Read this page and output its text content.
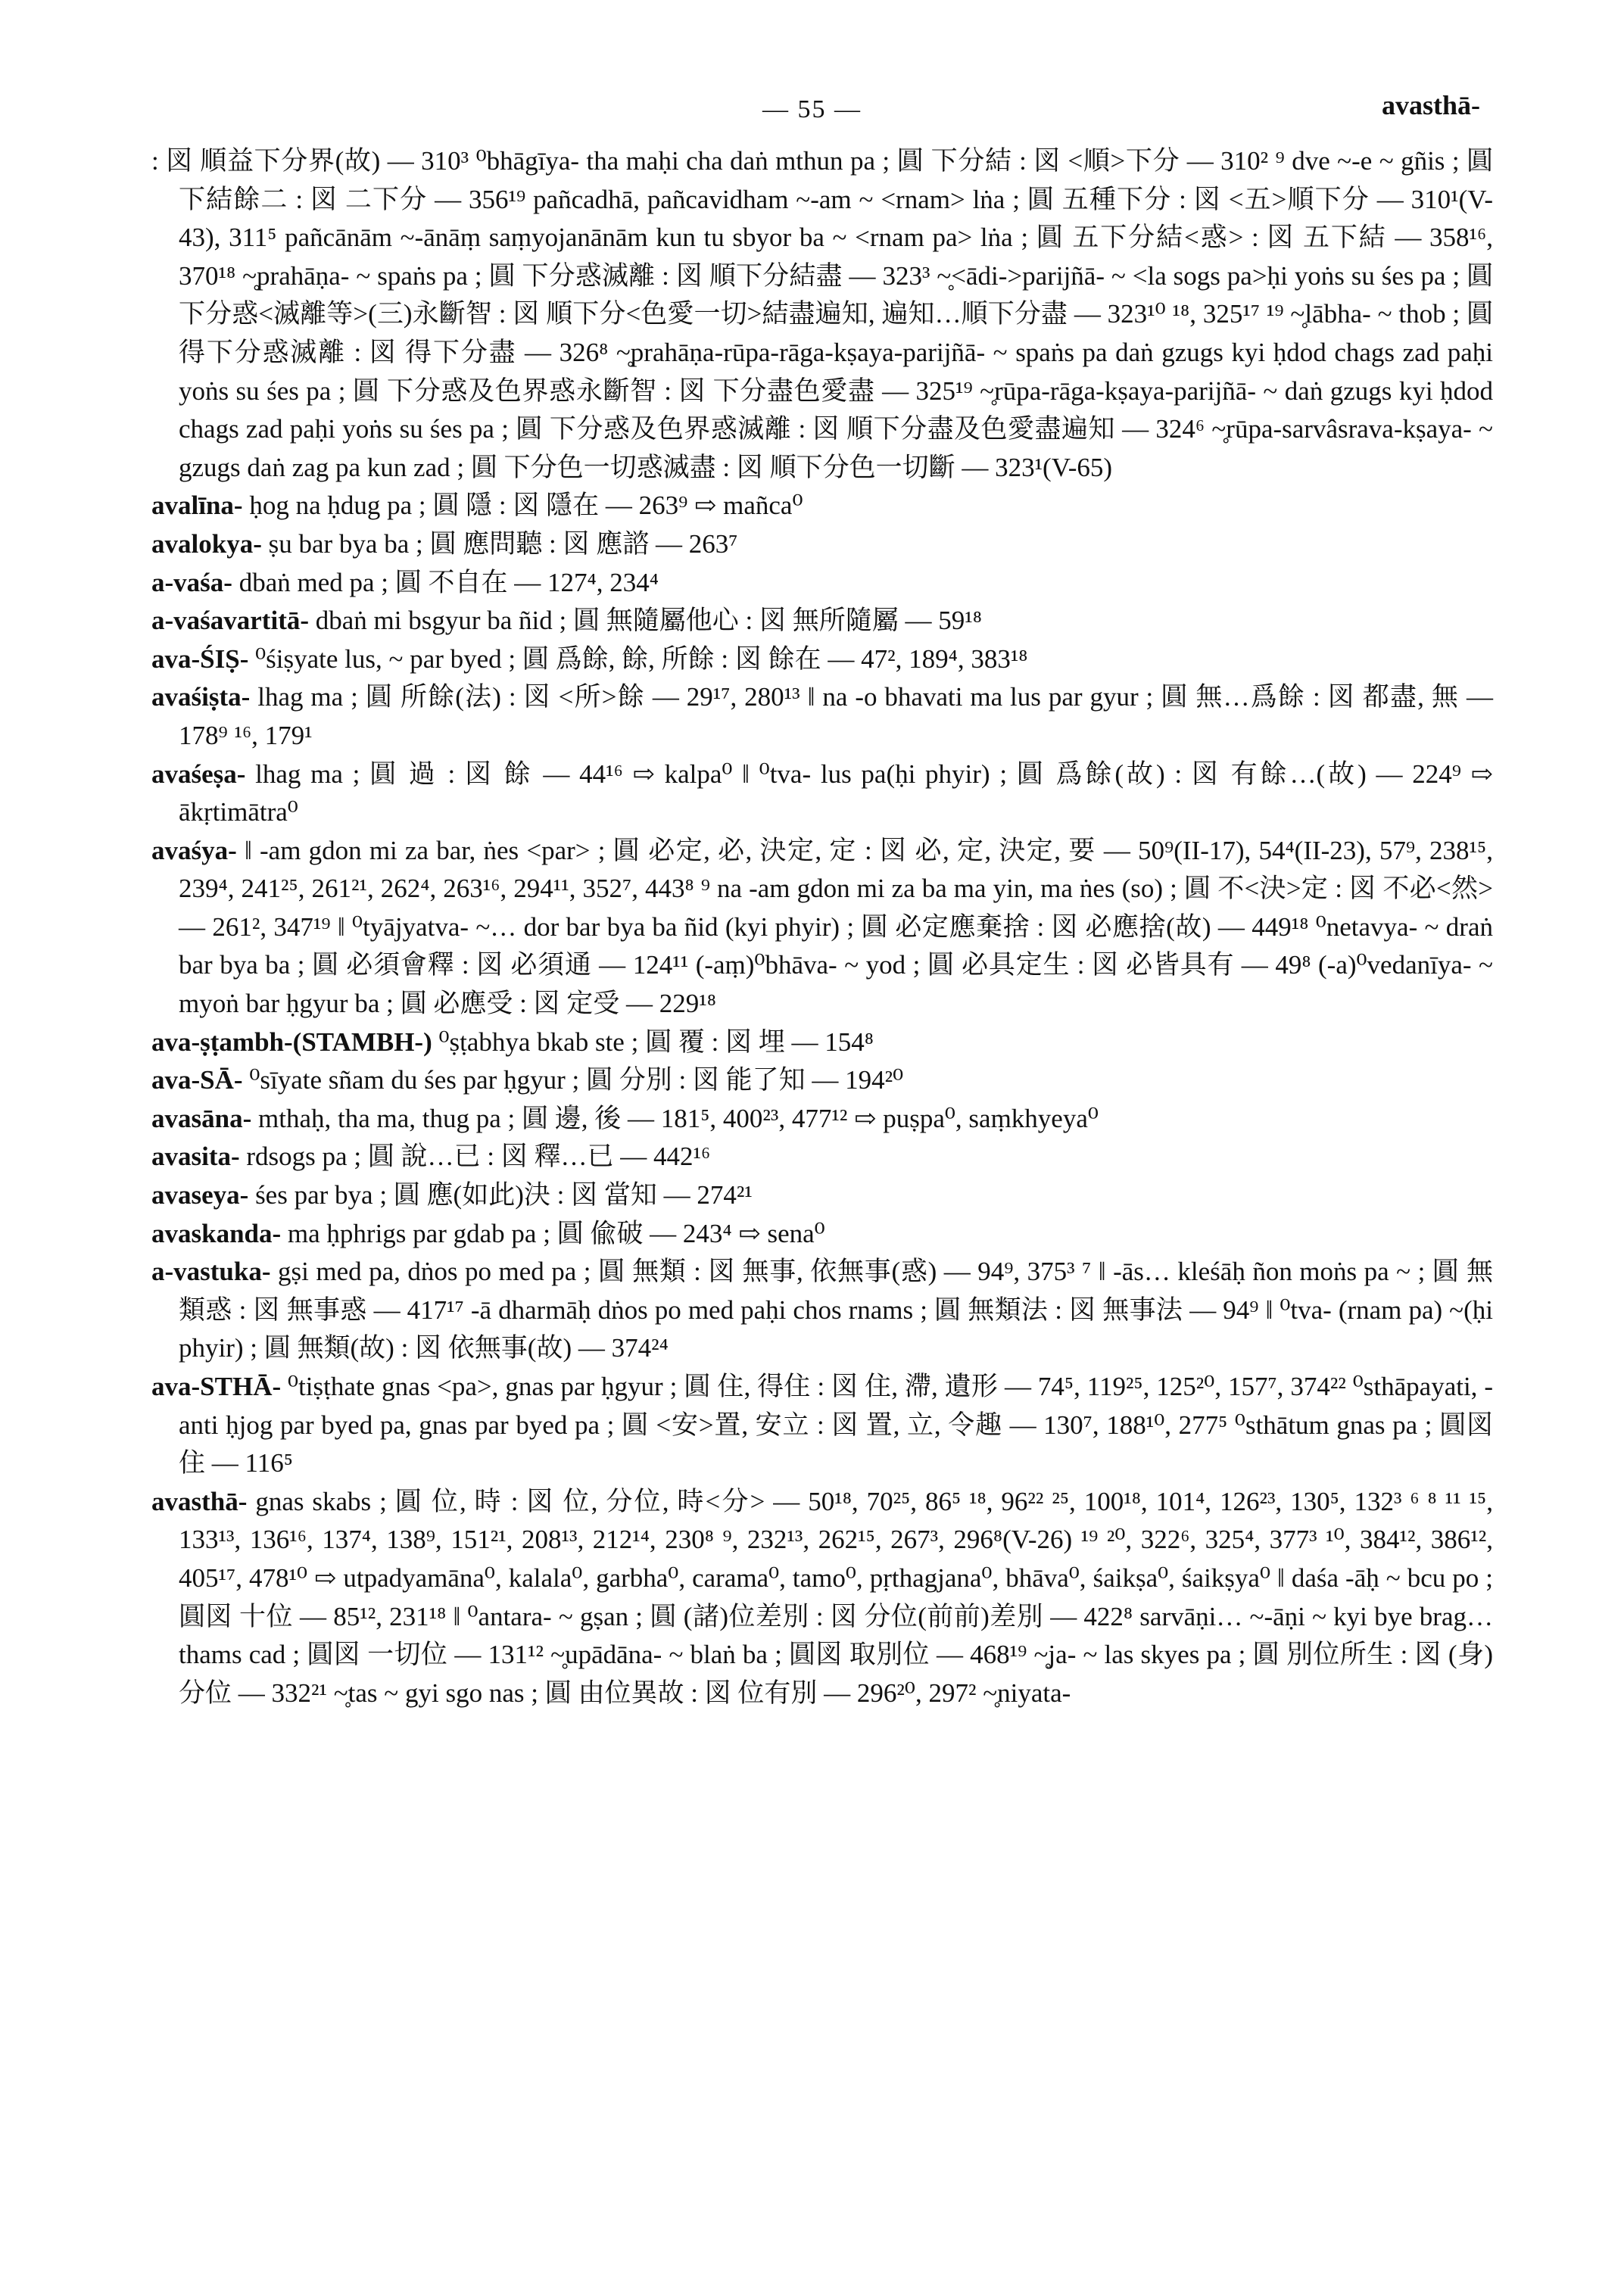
— 55 —	avasthā-

: 図 順益下分界(故) — 310³ ⁰bhāgīya- tha maḥi cha daṅ mthun pa ; 圓 下分結 : 図 <順>下分 — 310² ⁹ dve ~-e ~ gñis ; 圓 下結餘二 : 図 二下分 — 356¹⁹ pañcadhā, pañcavidham ~-am ~ <rnam> lṅa ; 圓 五種下分 : 図 <五>順下分 — 310¹(V-43), 311⁵ pañcānām ~-ānāṃ saṃyojanānām kun tu sbyor ba ~ <rnam pa> lṅa ; 圓 五下分結<惑> : 図 五下結 — 358¹⁶, 370¹⁸ ~̥prahāṇa- ~ spaṅs pa ; 圓 下分惑滅離 : 図 順下分結盡 — 323³ ~̥<ādi->parijñā- ~ <la sogs pa>ḥi yoṅs su śes pa ; 圓 下分惑<滅離等>(三)永斷智 : 図 順下分<色愛一切>結盡遍知, 遍知…順下分盡 — 323¹⁰ ¹⁸, 325¹⁷ ¹⁹ ~̥lābha- ~ thob ; 圓 得下分惑滅離 : 図 得下分盡 — 326⁸ ~̥prahāṇa-rūpa-rāga-kṣaya-parijñā- ~ spaṅs pa daṅ gzugs kyi ḥdod chags zad paḥi yoṅs su śes pa ; 圓 下分惑及色界惑永斷智 : 図 下分盡色愛盡 — 325¹⁹ ~̥rūpa-rāga-kṣaya-parijñā- ~ daṅ gzugs kyi ḥdod chags zad paḥi yoṅs su śes pa ; 圓 下分惑及色界惑滅離 : 図 順下分盡及色愛盡遍知 — 324⁶ ~̥rūpa-sarvâsrava-kṣaya- ~ gzugs daṅ zag pa kun zad ; 圓 下分色一切惑滅盡 : 図 順下分色一切斷 — 323¹(V-65)

avalīna- ḥog na ḥdug pa ; 圓 隱 : 図 隱在 — 263⁹ ⇨ mañca⁰

avalokya- ṣu bar bya ba ; 圓 應問聽 : 図 應諮 — 263⁷

a-vaśa- dbaṅ med pa ; 圓 不自在 — 127⁴, 234⁴

a-vaśavartitā- dbaṅ mi bsgyur ba ñid ; 圓 無隨屬他心 : 図 無所隨屬 — 59¹⁸

ava-ŚIṢ- ⁰śiṣyate lus, ~ par byed ; 圓 爲餘, 餘, 所餘 : 図 餘在 — 47², 189⁴, 383¹⁸

avaśiṣta- lhag ma ; 圓 所餘(法) : 図 <所>餘 — 29¹⁷, 280¹³ ‖ na -o bhavati ma lus par gyur ; 圓 無…爲餘 : 図 都盡, 無 — 178⁹ ¹⁶, 179¹

avaśeṣa- lhag ma ; 圓 過 : 図 餘 — 44¹⁶ ⇨ kalpa⁰ ‖ ⁰tva- lus pa(ḥi phyir) ; 圓 爲餘(故) : 図 有餘…(故) — 224⁹ ⇨ ākṛtimātra⁰

avaśya- ‖ -am gdon mi za bar, ṅes <par> ; 圓 必定, 必, 決定, 定 : 図 必, 定, 決定, 要 — 50⁹(II-17), 54⁴(II-23), 57⁹, 238¹⁵, 239⁴, 241²⁵, 261²¹, 262⁴, 263¹⁶, 294¹¹, 352⁷, 443⁸ ⁹ na -am gdon mi za ba ma yin, ma ṅes (so) ; 圓 不<決>定 : 図 不必<然> — 261², 347¹⁹ ‖ ⁰tyājyatva- ~… dor bar bya ba ñid (kyi phyir) ; 圓 必定應棄捨 : 図 必應捨(故) — 449¹⁸ ⁰netavya- ~ draṅ bar bya ba ; 圓 必須會釋 : 図 必須通 — 124¹¹ (-aṃ)⁰bhāva- ~ yod ; 圓 必具定生 : 図 必皆具有 — 49⁸ (-a)⁰vedanīya- ~ myoṅ bar ḥgyur ba ; 圓 必應受 : 図 定受 — 229¹⁸

ava-ṣṭambh-(STAMBH-) ⁰ṣṭabhya bkab ste ; 圓 覆 : 図 埋 — 154⁸

ava-SĀ- ⁰sīyate sñam du śes par ḥgyur ; 圓 分別 : 図 能了知 — 194²⁰

avasāna- mthaḥ, tha ma, thug pa ; 圓 邊, 後 — 181⁵, 400²³, 477¹² ⇨ puṣpa⁰, saṃkhyeya⁰

avasita- rdsogs pa ; 圓 說…已 : 図 釋…已 — 442¹⁶

avaseya- śes par bya ; 圓 應(如此)決 : 図 當知 — 274²¹

avaskanda- ma ḥphrigs par gdab pa ; 圓 偸破 — 243⁴ ⇨ sena⁰

a-vastuka- gṣi med pa, dṅos po med pa ; 圓 無類 : 図 無事, 依無事(惑) — 94⁹, 375³ ⁷ ‖ -ās… kleśāḥ ñon moṅs pa ~ ; 圓 無類惑 : 図 無事惑 — 417¹⁷ -ā dharmāḥ dṅos po med paḥi chos rnams ; 圓 無類法 : 図 無事法 — 94⁹ ‖ ⁰tva- (rnam pa) ~(ḥi phyir) ; 圓 無類(故) : 図 依無事(故) — 374²⁴

ava-STHĀ- ⁰tiṣṭhate gnas <pa>, gnas par ḥgyur ; 圓 住, 得住 : 図 住, 滯, 遺形 — 74⁵, 119²⁵, 125²⁰, 157⁷, 374²² ⁰sthāpayati, -anti ḥjog par byed pa, gnas par byed pa ; 圓 <安>置, 安立 : 図 置, 立, 令趣 — 130⁷, 188¹⁰, 277⁵ ⁰sthātum gnas pa ; 圓図 住 — 116⁵

avasthā- gnas skabs ; 圓 位, 時 : 図 位, 分位, 時<分> — 50¹⁸, 70²⁵, 86⁵ ¹⁸, 96²² ²⁵, 100¹⁸, 101⁴, 126²³, 130⁵, 132³ ⁶ ⁸ ¹¹ ¹⁵, 133¹³, 136¹⁶, 137⁴, 138⁹, 151²¹, 208¹³, 212¹⁴, 230⁸ ⁹, 232¹³, 262¹⁵, 267³, 296⁸(V-26) ¹⁹ ²⁰, 322⁶, 325⁴, 377³ ¹⁰, 384¹², 386¹², 405¹⁷, 478¹⁰ ⇨ utpadyamāna⁰, kalala⁰, garbha⁰, carama⁰, tamo⁰, pṛthagjana⁰, bhāva⁰, śaikṣa⁰, śaikṣya⁰ ‖ daśa -āḥ ~ bcu po ; 圓図 十位 — 85¹², 231¹⁸ ‖ ⁰antara- ~ gṣan ; 圓 (諸)位差別 : 図 分位(前前)差別 — 422⁸ sarvāṇi… ~-āṇi ~ kyi bye brag… thams cad ; 圓図 一切位 — 131¹² ~̥upādāna- ~ blaṅ ba ; 圓図 取別位 — 468¹⁹ ~̥ja- ~ las skyes pa ; 圓 別位所生 : 図 (身)分位 — 332²¹ ~̥tas ~ gyi sgo nas ; 圓 由位異故 : 図 位有別 — 296²⁰, 297² ~̥niyata-
